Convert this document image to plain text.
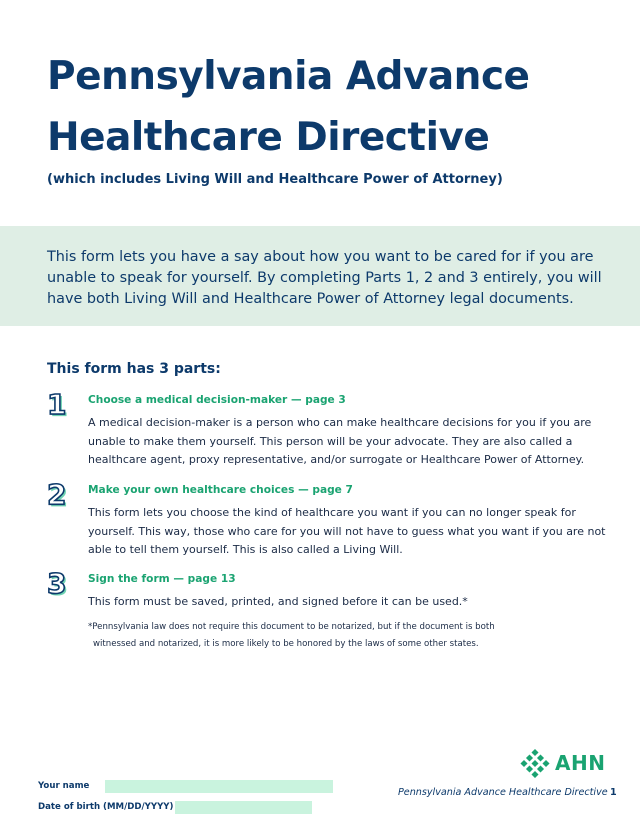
Pennsylvania Advance
Healthcare Directive

(which includes Living Will and Healthcare Power of Attorney)

This form lets you have a say about how you want to be cared for if you are unable to speak for yourself. By completing Parts 1, 2 and 3 entirely, you will have both Living Will and Healthcare Power of Attorney legal documents.

This form has 3 parts:

1	Choose a medical decision-maker — page 3

A medical decision-maker is a person who can make healthcare decisions for you if you are unable to make them yourself. This person will be your advocate. They are also called a healthcare agent, proxy representative, and/or surrogate or Healthcare Power of Attorney.

2	Make your own healthcare choices — page 7

This form lets you choose the kind of healthcare you want if you can no longer speak for yourself. This way, those who care for you will not have to guess what you want if you are not able to tell them yourself. This is also called a Living Will.

3	Sign the form — page 13

This form must be saved, printed, and signed before it can be used.*

*Pennsylvania law does not require this document to be notarized, but if the document is both
witnessed and notarized, it is more likely to be honored by the laws of some other states.

Your name
Date of birth (MM/DD/YYYY)
AHN

Pennsylvania Advance Healthcare Directive 1
